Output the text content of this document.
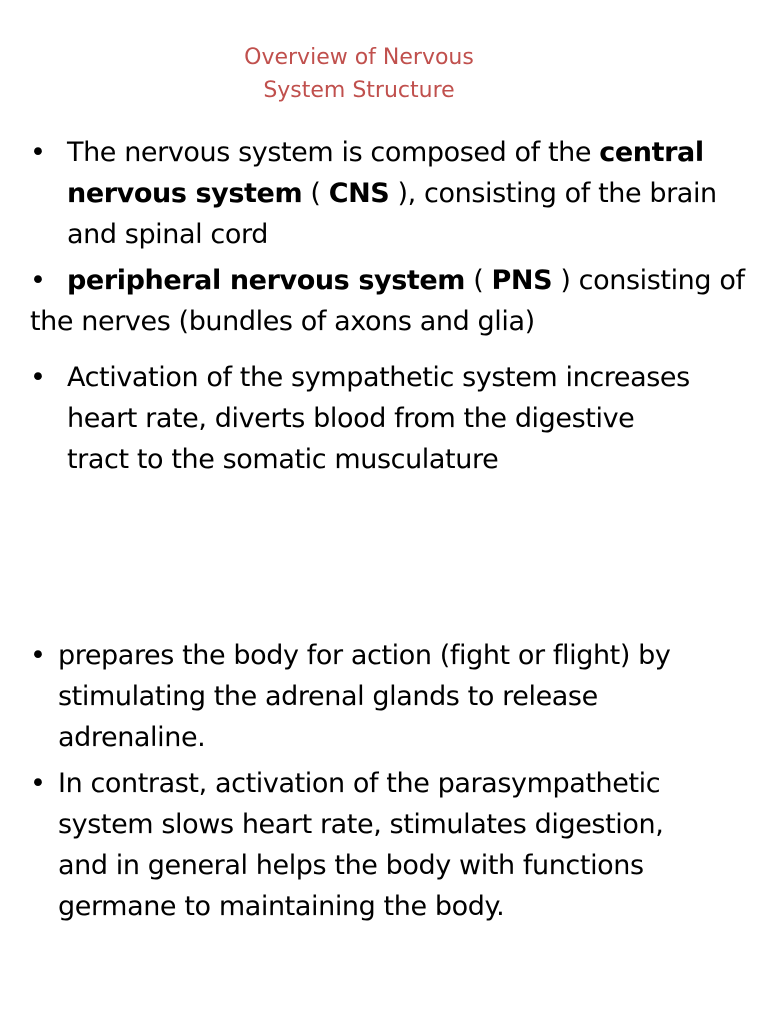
Overview of Nervous
System Structure
• The nervous system is composed of the central
nervous system ( CNS ), consisting of the brain
and spinal cord
• peripheral nervous system ( PNS ) consisting of
the nerves (bundles of axons and glia)
• Activation of the sympathetic system increases
heart rate, diverts blood from the digestive
tract to the somatic musculature
• prepares the body for action (fight or flight) by
stimulating the adrenal glands to release
adrenaline.
• In contrast, activation of the parasympathetic
system slows heart rate, stimulates digestion,
and in general helps the body with functions
germane to maintaining the body.
